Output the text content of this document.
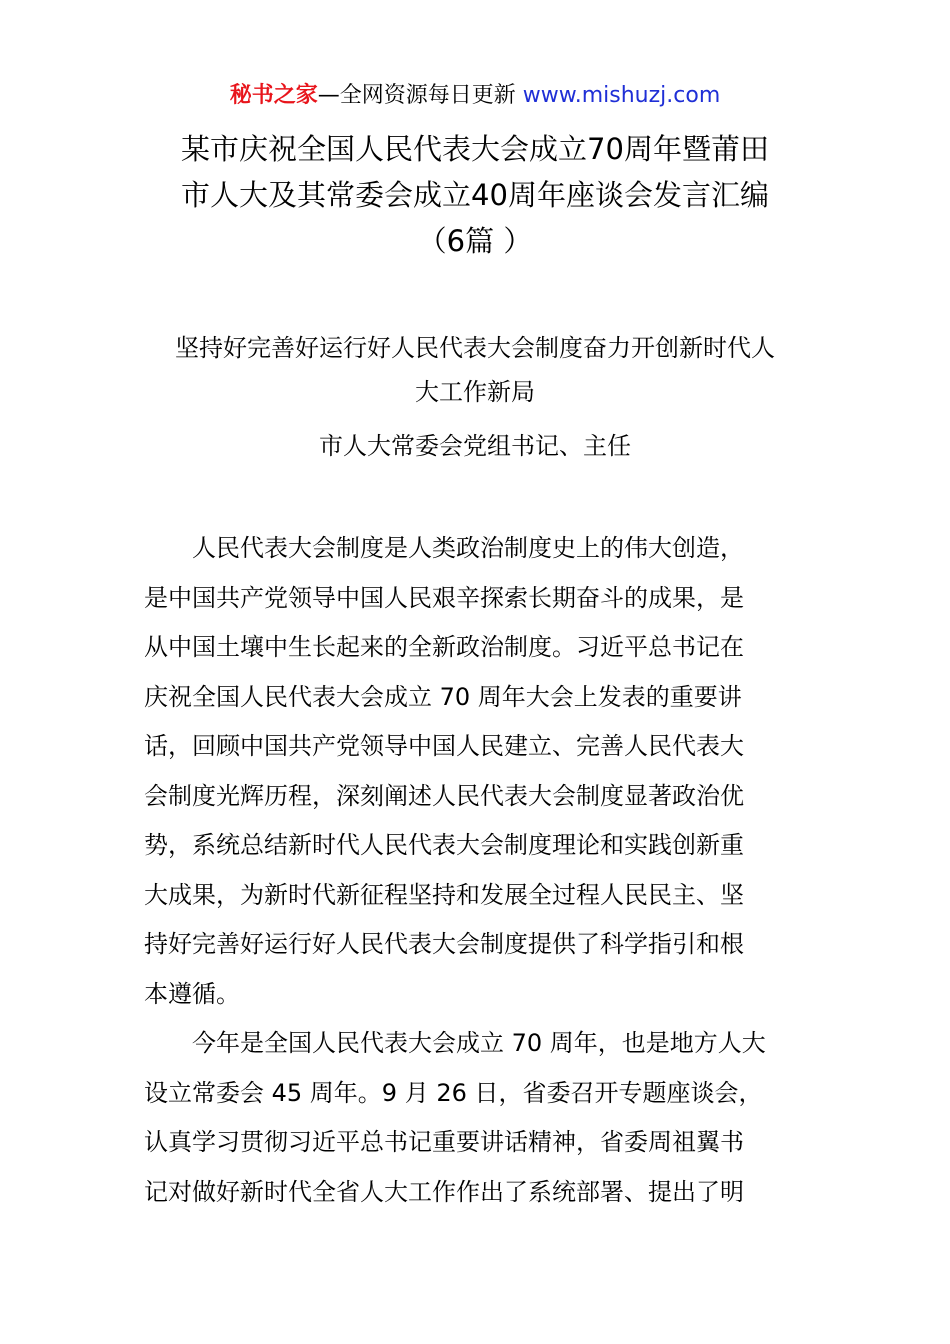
秘书之家—全网资源每日更新 www.mishuzj.com
某市庆祝全国人民代表大会成立70周年暨莆田
市人大及其常委会成立40周年座谈会发言汇编
（6篇 ）
坚持好完善好运行好人民代表大会制度奋力开创新时代人
大工作新局
市人大常委会党组书记、主任
人民代表大会制度是人类政治制度史上的伟大创造，
是中国共产党领导中国人民艰辛探索长期奋斗的成果，是
从中国土壤中生长起来的全新政治制度。习近平总书记在
庆祝全国人民代表大会成立 70 周年大会上发表的重要讲
话，回顾中国共产党领导中国人民建立、完善人民代表大
会制度光辉历程，深刻阐述人民代表大会制度显著政治优
势，系统总结新时代人民代表大会制度理论和实践创新重
大成果，为新时代新征程坚持和发展全过程人民民主、坚
持好完善好运行好人民代表大会制度提供了科学指引和根
本遵循。
今年是全国人民代表大会成立 70 周年，也是地方人大
设立常委会 45 周年。9 月 26 日，省委召开专题座谈会，
认真学习贯彻习近平总书记重要讲话精神，省委周祖翼书
记对做好新时代全省人大工作作出了系统部署、提出了明
